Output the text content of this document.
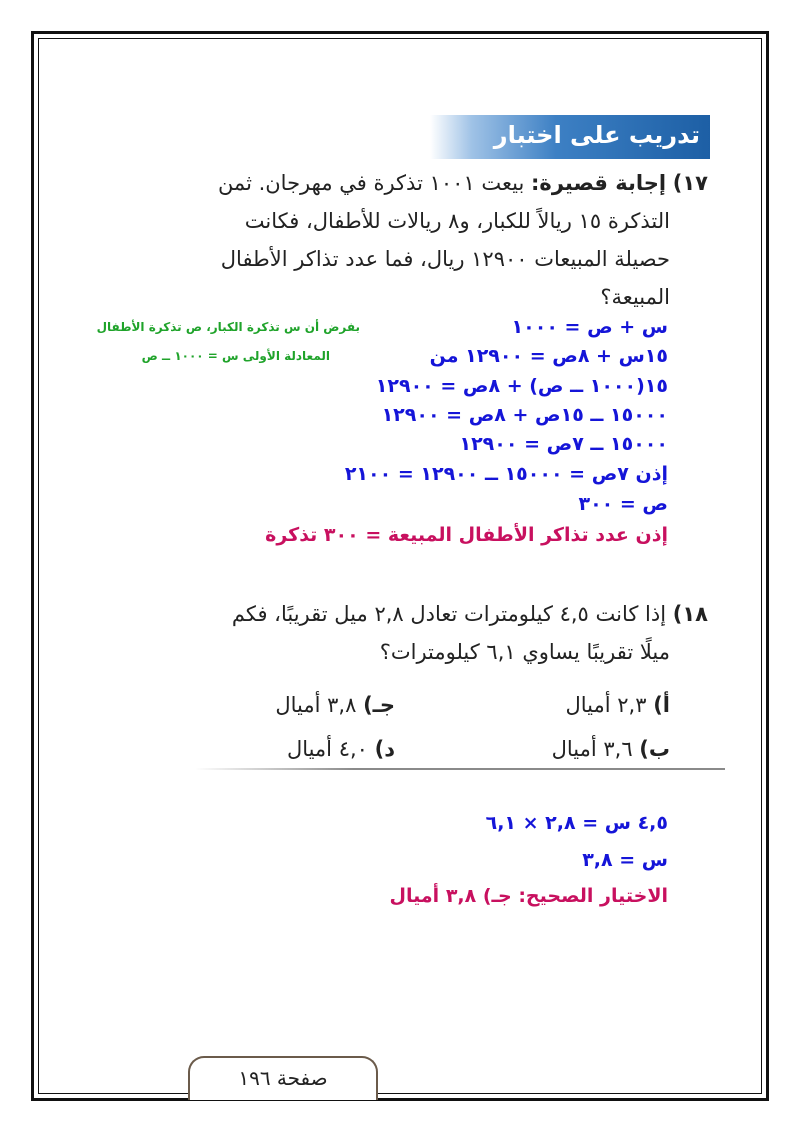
تدريب على اختبار
١٧) إجابة قصيرة: بيعت ١٠٠١ تذكرة في مهرجان. ثمن
التذكرة ١٥ ريالاً للكبار، و٨ ريالات للأطفال، فكانت
حصيلة المبيعات ١٢٩٠٠ ريال، فما عدد تذاكر الأطفال
المبيعة؟
بفرض أن س تذكرة الكبار، ص تذكرة الأطفال
المعادلة الأولى س = ١٠٠٠ ــ ص
س + ص = ١٠٠٠
١٥س + ٨ص = ١٢٩٠٠ من
١٥(١٠٠٠ ــ ص) + ٨ص = ١٢٩٠٠
١٥٠٠٠ ــ ١٥ص + ٨ص = ١٢٩٠٠
١٥٠٠٠ ــ ٧ص = ١٢٩٠٠
إذن ٧ص = ١٥٠٠٠ ــ ١٢٩٠٠ = ٢١٠٠
ص = ٣٠٠
إذن عدد تذاكر الأطفال المبيعة = ٣٠٠ تذكرة
١٨) إذا كانت ٤,٥ كيلومترات تعادل ٢,٨ ميل تقريبًا، فكم
ميلًا تقريبًا يساوي ٦,١ كيلومترات؟
أ) ٢,٣ أميال
جـ) ٣,٨ أميال
ب) ٣,٦ أميال
د) ٤,٠ أميال
٤,٥ س = ٢,٨ × ٦,١
س = ٣,٨
الاختيار الصحيح: جـ) ٣,٨ أميال
صفحة ١٩٦
